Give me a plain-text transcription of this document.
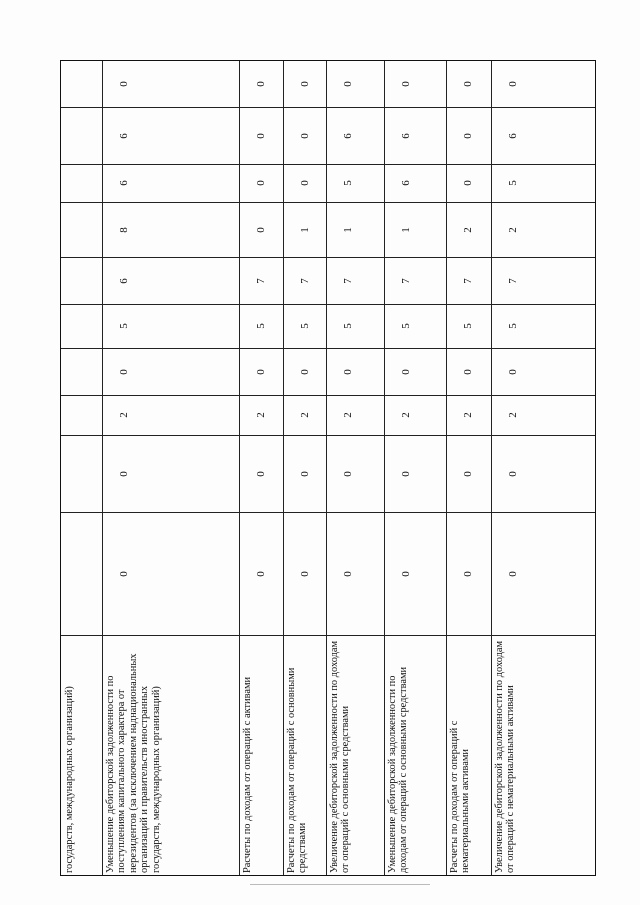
государств, международных организаций)	Уменьшение дебиторской задолженности по поступлениям капитального характера от нерезидентов (за исключением наднациональных организаций и правительств иностранных государств, международных организаций)
0
0
2
0
5
6
8
6
6
0
Расчеты по доходам от операций с активами
0
0
2
0
5
7
0
0
0
0
Расчеты по доходам от операций с основными средствами
0
0
2
0
5
7
1
0
0
0
Увеличение дебиторской задолженности по доходам от операций с основными средствами
0
0
2
0
5
7
1
5
6
0
Уменьшение дебиторской задолженности по доходам от операций с основными средствами
0
0
2
0
5
7
1
6
6
0
Расчеты по доходам от операций с нематериальными активами
0
0
2
0
5
7
2
0
0
0
Увеличение дебиторской задолженности по доходам от операций с нематериальными активами
0
0
2
0
5
7
2
5
6
0
